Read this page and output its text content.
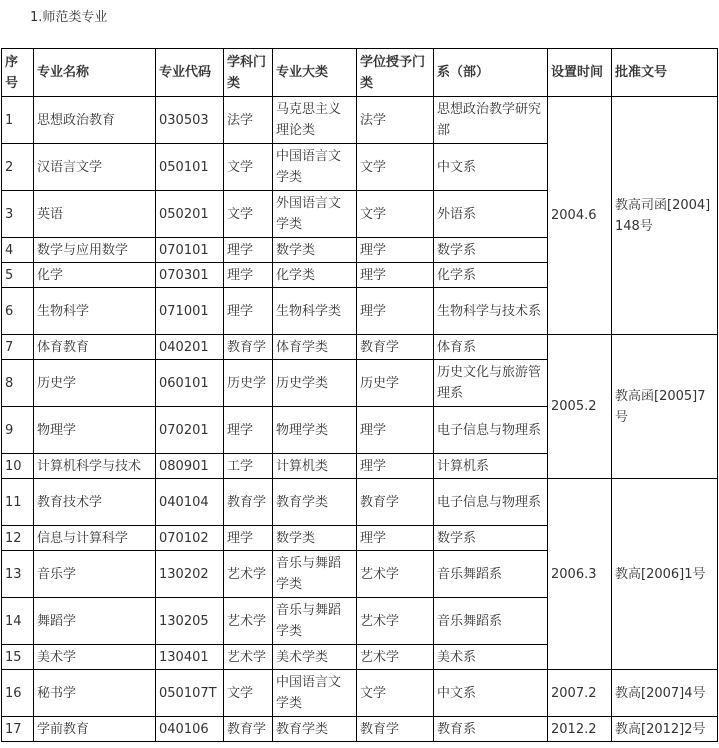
1.师范类专业
序号	专业名称	专业代码	学科门类	专业大类	学位授予门类	系（部）	设置时间	批准文号
1	思想政治教育	030503	法学	马克思主义理论类	法学	思想政治教学研究部	2004.6	教高司函[2004]148号
2	汉语言文学	050101	文学	中国语言文学类	文学	中文系		
3	英语	050201	文学	外国语言文学类	文学	外语系		
4	数学与应用数学	070101	理学	数学类	理学	数学系		
5	化学	070301	理学	化学类	理学	化学系		
6	生物科学	071001	理学	生物科学类	理学	生物科学与技术系		
7	体育教育	040201	教育学	体育学类	教育学	体育系	2005.2	教高函[2005]7号
8	历史学	060101	历史学	历史学类	历史学	历史文化与旅游管理系		
9	物理学	070201	理学	物理学类	理学	电子信息与物理系		
10	计算机科学与技术	080901	工学	计算机类	理学	计算机系		
11	教育技术学	040104	教育学	教育学类	教育学	电子信息与物理系	2006.3	教高[2006]1号
12	信息与计算科学	070102	理学	数学类	理学	数学系		
13	音乐学	130202	艺术学	音乐与舞蹈学类	艺术学	音乐舞蹈系		
14	舞蹈学	130205	艺术学	音乐与舞蹈学类	艺术学	音乐舞蹈系		
15	美术学	130401	艺术学	美术学类	艺术学	美术系		
16	秘书学	050107T	文学	中国语言文学类	文学	中文系	2007.2	教高[2007]4号
17	学前教育	040106	教育学	教育学类	教育学	教育系	2012.2	教高[2012]2号
